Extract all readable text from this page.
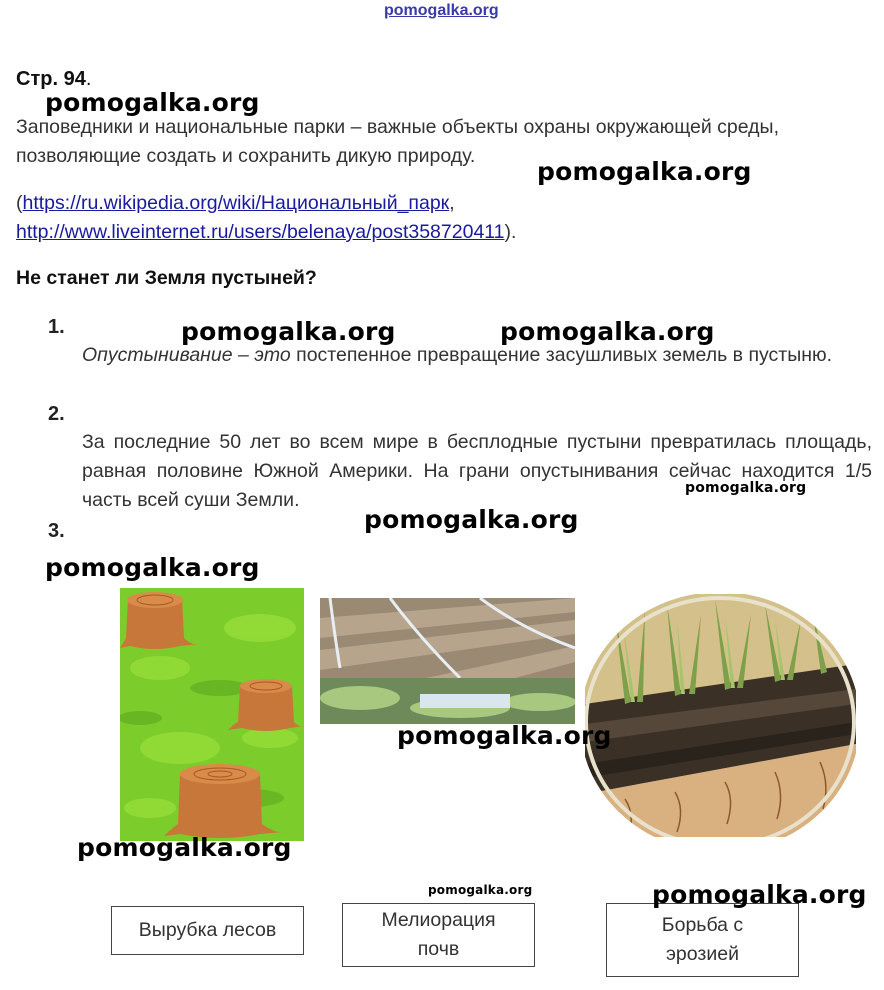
pomogalka.org
Стр. 94.
Заповедники и национальные парки – важные объекты охраны окружающей среды, позволяющие создать и сохранить дикую природу.
(https://ru.wikipedia.org/wiki/Национальный_парк,
http://www.liveinternet.ru/users/belenaya/post358720411).
Не станет ли Земля пустыней?
1.
Опустынивание – это постепенное превращение засушливых земель в пустыню.
2.
За последние 50 лет во всем мире в бесплодные пустыни превратилась площадь, равная половине Южной Америки. На грани опустынивания сейчас находится 1/5 часть всей суши Земли.
3.
Вырубка лесов	Мелиорация
почв
Борьба с
эрозией
pomogalka.org
pomogalka.org
pomogalka.org	pomogalka.org
pomogalka.org
pomogalka.org
pomogalka.org
pomogalka.org
pomogalka.org
pomogalka.org	pomogalka.org
